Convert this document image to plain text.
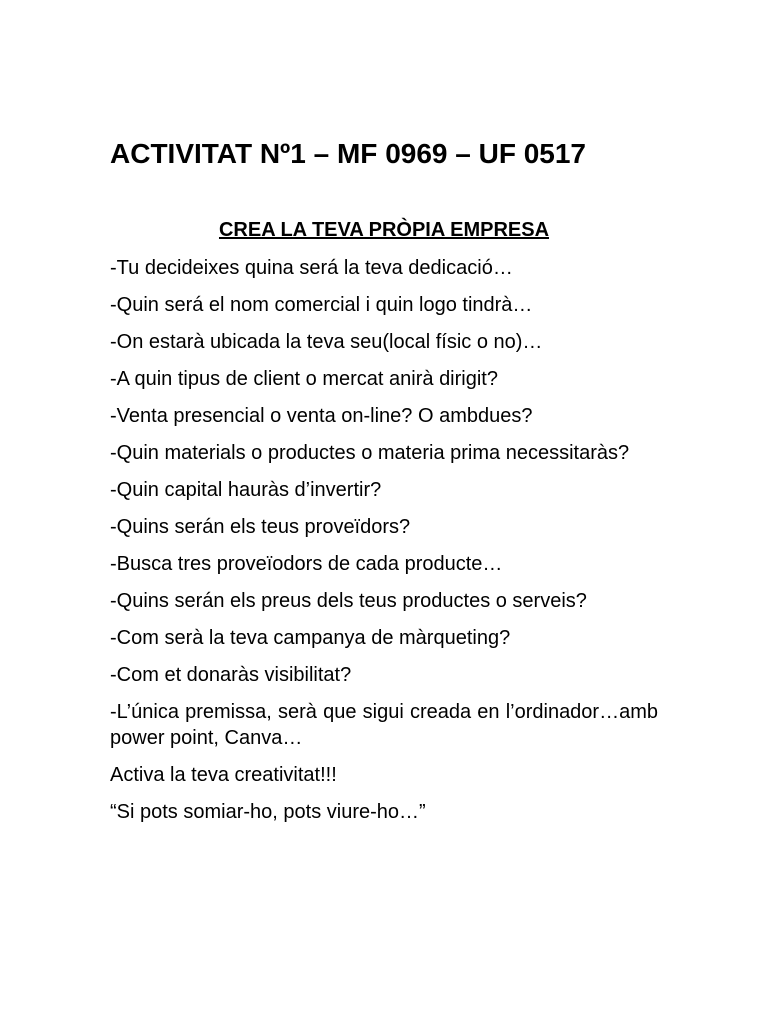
ACTIVITAT Nº1 – MF 0969 – UF 0517
CREA LA TEVA PRÒPIA EMPRESA

-Tu decideixes quina será la teva dedicació…

-Quin será el nom comercial i quin logo tindrà…

-On estarà ubicada la teva seu(local físic o no)…

-A quin tipus de client o mercat anirà dirigit?

-Venta presencial o venta on-line? O ambdues?

-Quin materials o productes o materia prima necessitaràs?

-Quin capital hauràs d’invertir?

-Quins serán els teus proveïdors?

-Busca tres proveïodors de cada producte…

-Quins serán els preus dels teus productes o serveis?

-Com serà la teva campanya de màrqueting?

-Com et donaràs visibilitat?

-L’única premissa, serà que sigui creada en l’ordinador…amb power point, Canva…

Activa la teva creativitat!!!

“Si pots somiar-ho, pots viure-ho…”
